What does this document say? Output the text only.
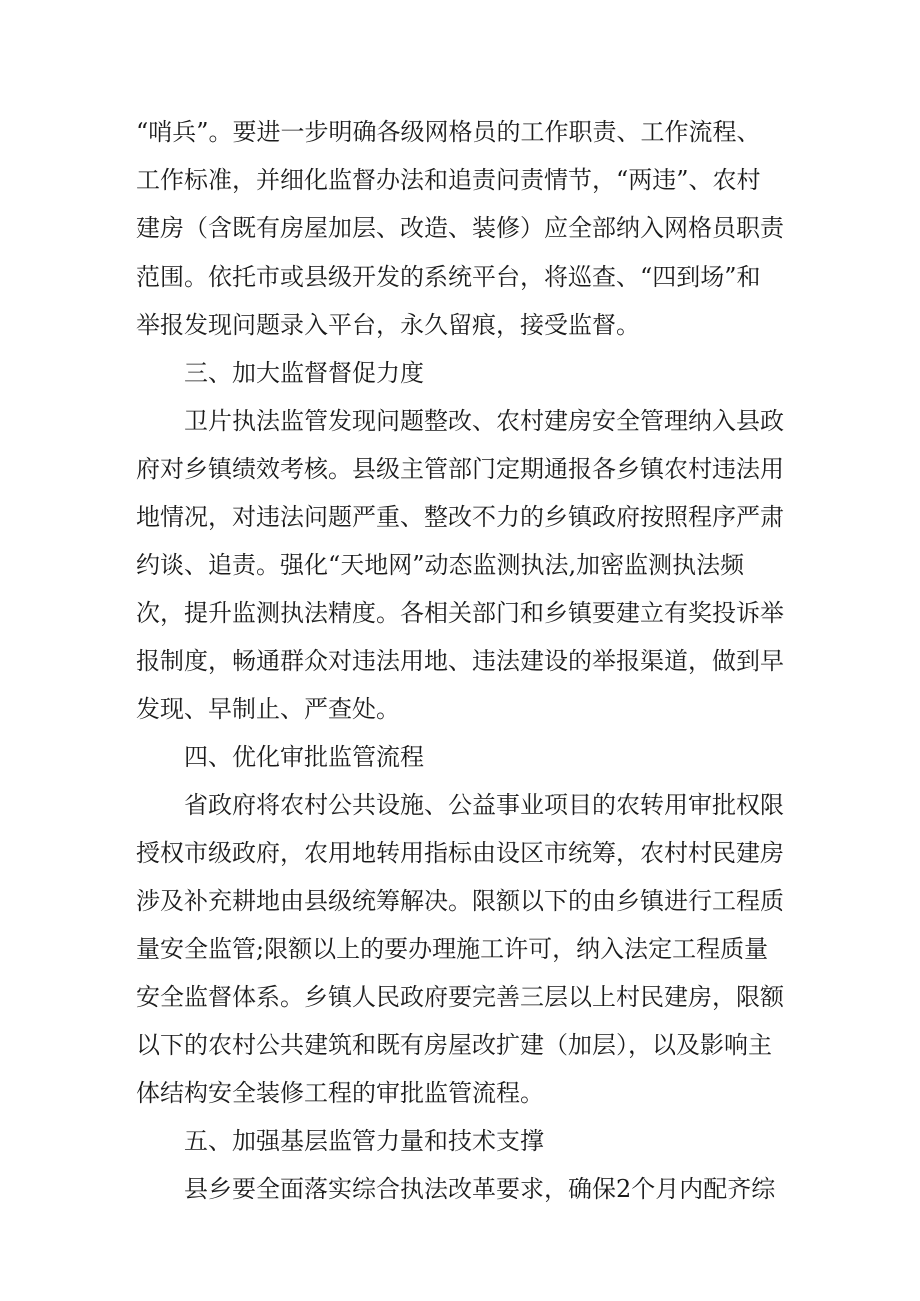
“哨兵”。要进一步明确各级网格员的工作职责、工作流程、
工作标准，并细化监督办法和追责问责情节，“两违”、农村
建房（含既有房屋加层、改造、装修）应全部纳入网格员职责
范围。依托市或县级开发的系统平台，将巡查、“四到场”和
举报发现问题录入平台，永久留痕，接受监督。
三、加大监督督促力度
卫片执法监管发现问题整改、农村建房安全管理纳入县政
府对乡镇绩效考核。县级主管部门定期通报各乡镇农村违法用
地情况，对违法问题严重、整改不力的乡镇政府按照程序严肃
约谈、追责。强化“天地网”动态监测执法,加密监测执法频
次，提升监测执法精度。各相关部门和乡镇要建立有奖投诉举
报制度，畅通群众对违法用地、违法建设的举报渠道，做到早
发现、早制止、严查处。
四、优化审批监管流程
省政府将农村公共设施、公益事业项目的农转用审批权限
授权市级政府，农用地转用指标由设区市统筹，农村村民建房
涉及补充耕地由县级统筹解决。限额以下的由乡镇进行工程质
量安全监管;限额以上的要办理施工许可，纳入法定工程质量
安全监督体系。乡镇人民政府要完善三层以上村民建房，限额
以下的农村公共建筑和既有房屋改扩建（加层），以及影响主
体结构安全装修工程的审批监管流程。
五、加强基层监管力量和技术支撑
县乡要全面落实综合执法改革要求，确保2个月内配齐综
